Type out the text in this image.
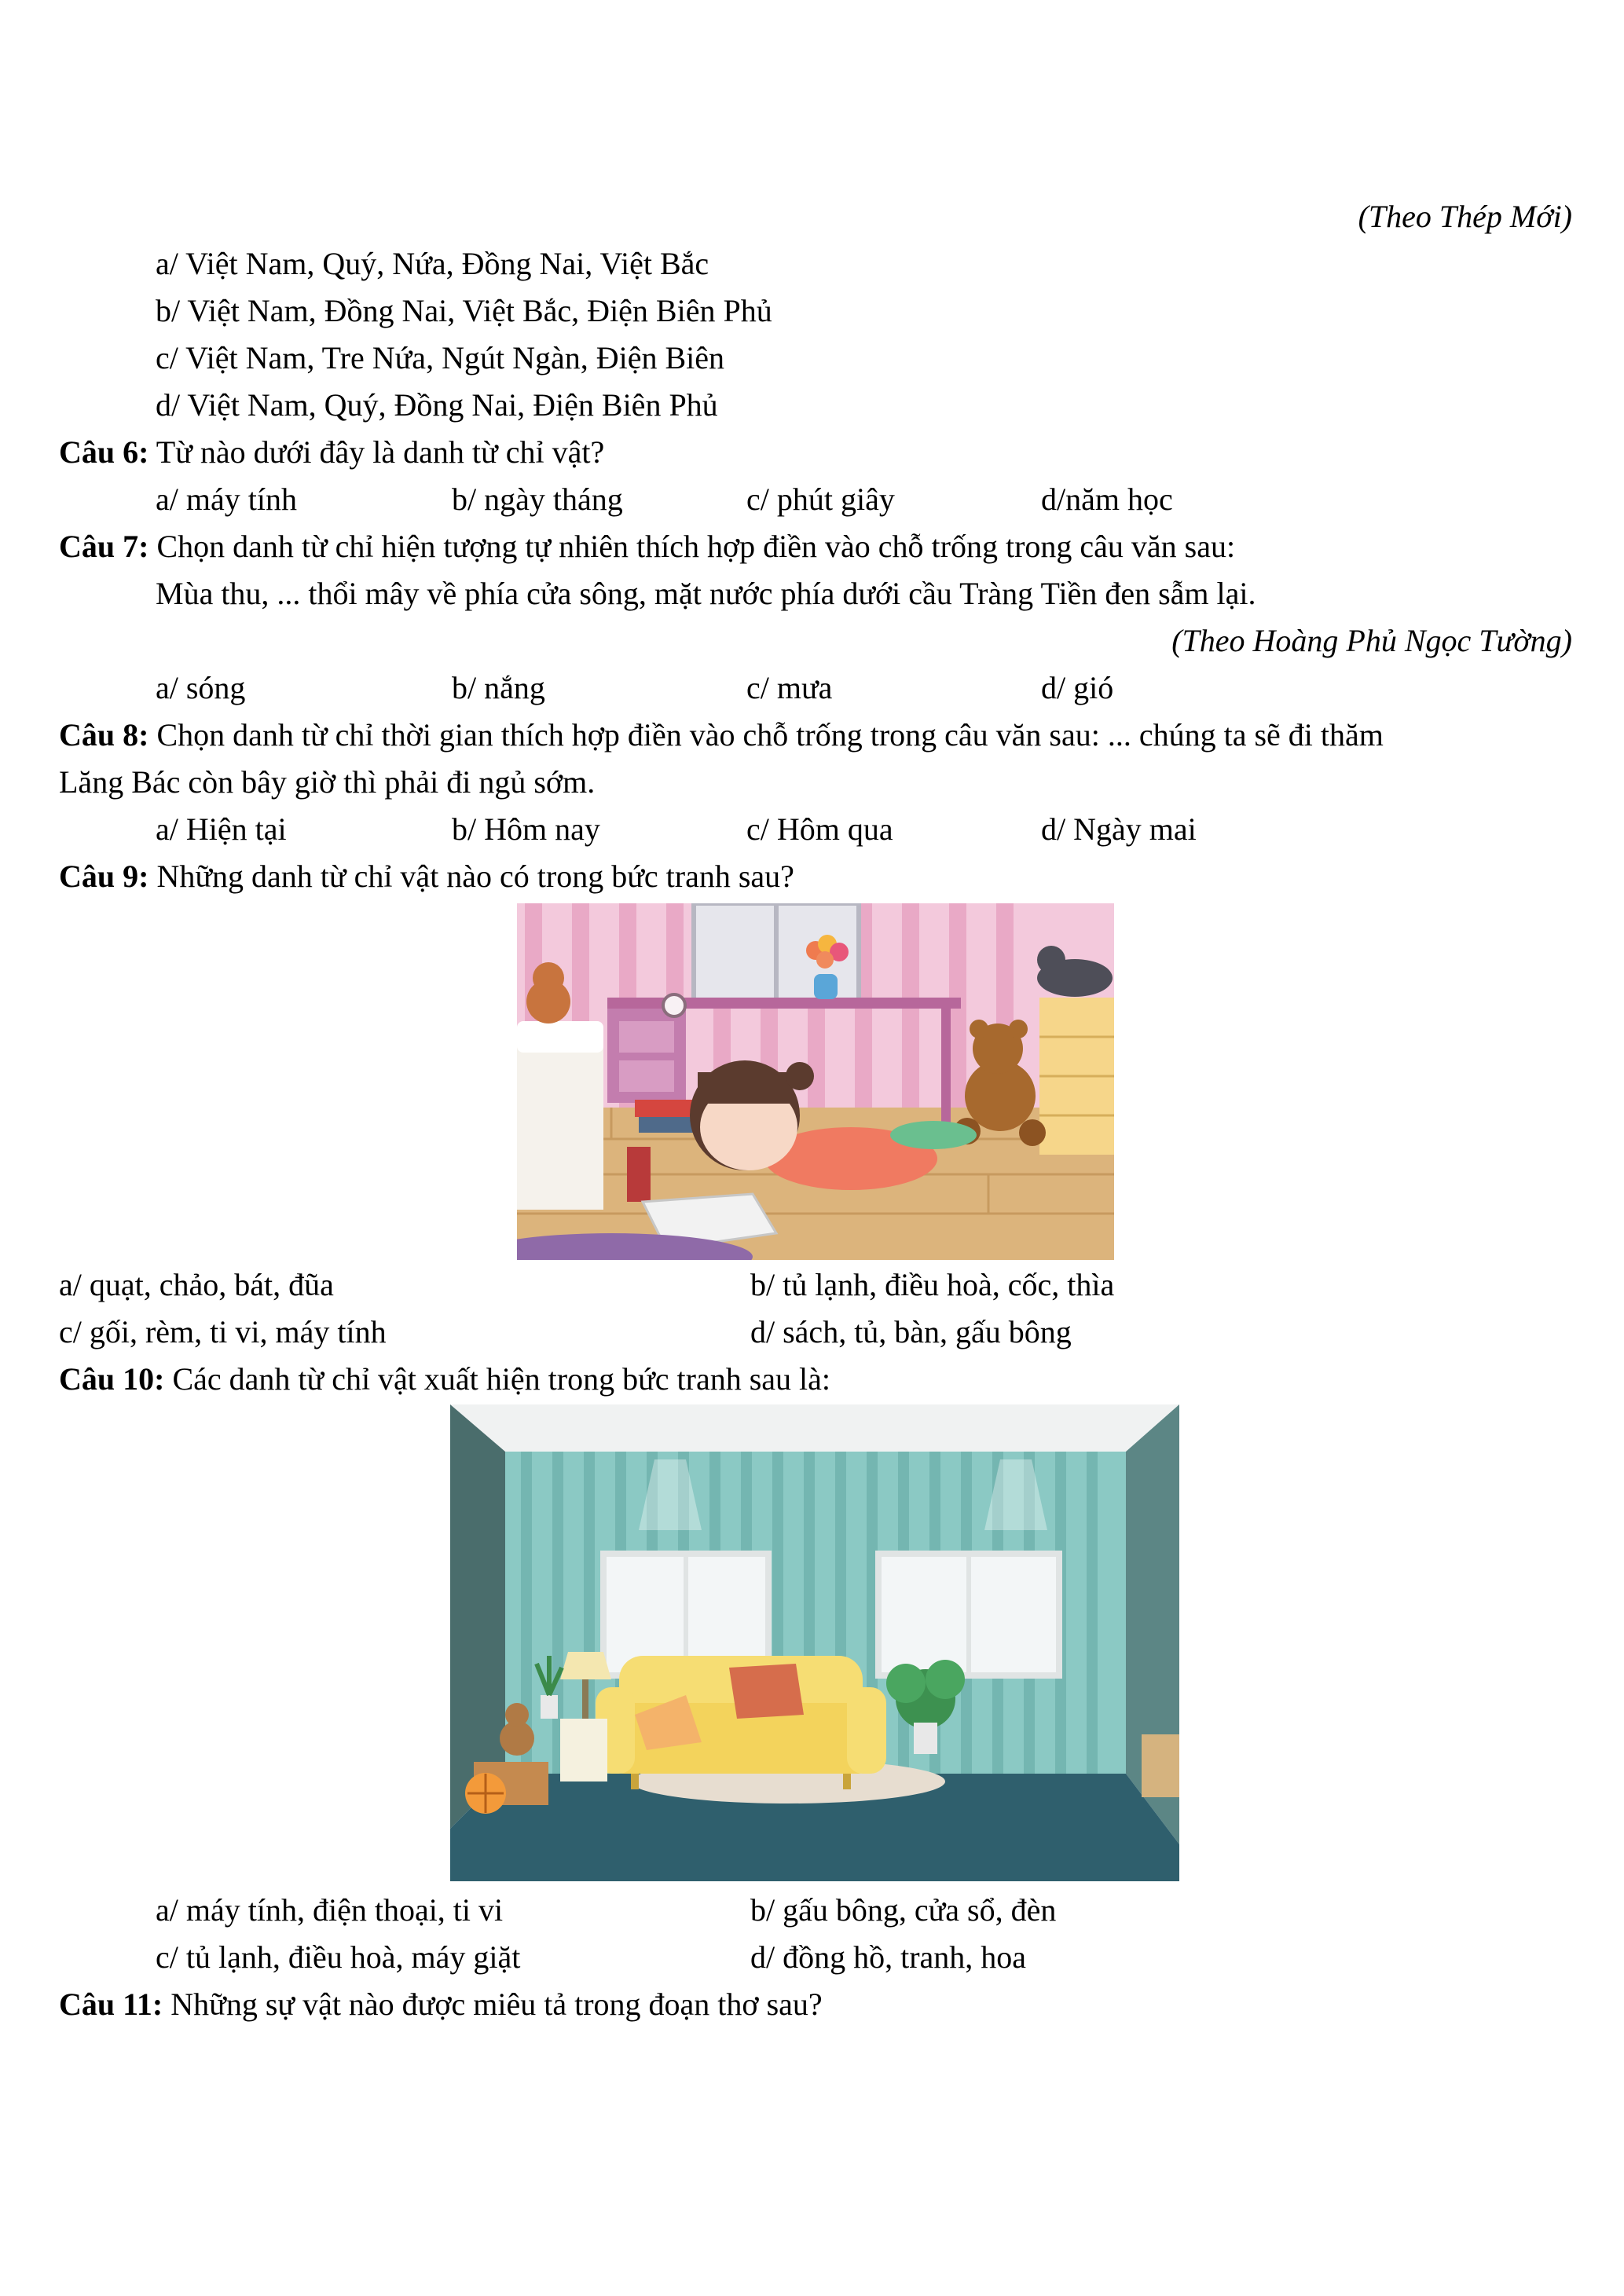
(Theo Thép Mới)
a/ Việt Nam, Quý, Nứa, Đồng Nai, Việt Bắc
b/ Việt Nam, Đồng Nai, Việt Bắc, Điện Biên Phủ
c/ Việt Nam, Tre Nứa, Ngút Ngàn, Điện Biên
d/ Việt Nam, Quý, Đồng Nai, Điện Biên Phủ
Câu 6: Từ nào dưới đây là danh từ chỉ vật?
a/ máy tính	b/ ngày tháng	c/ phút giây	d/năm học
Câu 7: Chọn danh từ chỉ hiện tượng tự nhiên thích hợp điền vào chỗ trống trong câu văn sau:
Mùa thu, ... thổi mây về phía cửa sông, mặt nước phía dưới cầu Tràng Tiền đen sẫm lại.
(Theo Hoàng Phủ Ngọc Tường)
a/ sóng	b/ nắng	c/ mưa	d/ gió
Câu 8: Chọn danh từ chỉ thời gian thích hợp điền vào chỗ trống trong câu văn sau: ... chúng ta sẽ đi thăm
Lăng Bác còn bây giờ thì phải đi ngủ sớm.
a/ Hiện tại	b/ Hôm nay	c/ Hôm qua	d/ Ngày mai
Câu 9: Những danh từ chỉ vật nào có trong bức tranh sau?
a/ quạt, chảo, bát, đũa	b/ tủ lạnh, điều hoà, cốc, thìa
c/ gối, rèm, ti vi, máy tính	d/ sách, tủ, bàn, gấu bông
Câu 10: Các danh từ chỉ vật xuất hiện trong bức tranh sau là:
a/ máy tính, điện thoại, ti vi	b/ gấu bông, cửa sổ, đèn
c/ tủ lạnh, điều hoà, máy giặt	d/ đồng hồ, tranh, hoa
Câu 11: Những sự vật nào được miêu tả trong đoạn thơ sau?
